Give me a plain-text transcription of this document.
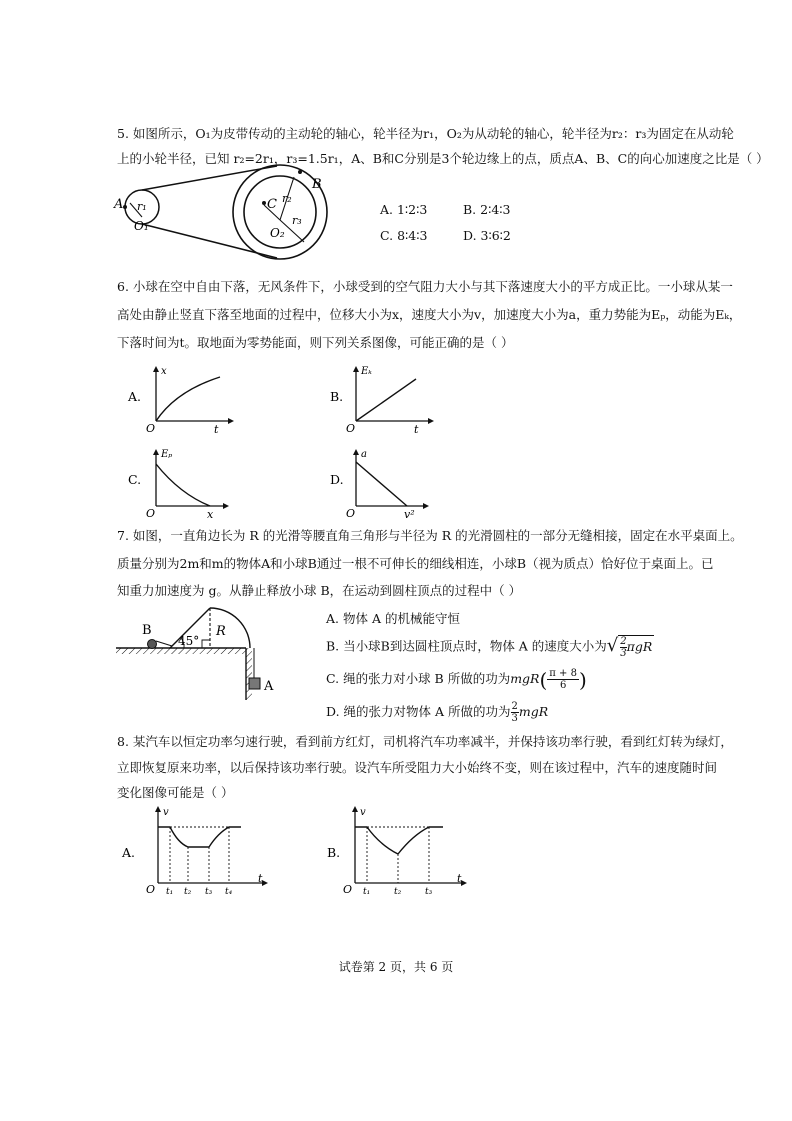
5. 如图所示，O₁为皮带传动的主动轮的轴心，轮半径为r₁，O₂为从动轮的轴心，轮半径为r₂：r₃为固定在从动轮
上的小轮半径，已知 r₂=2r₁，r₃=1.5r₁，A、B和C分别是3个轮边缘上的点，质点A、B、C的向心加速度之比是（ ）
A r₁
O₁
B
C r₂
r₃
O₂
A. 1∶2∶3	B. 2∶4∶3
C. 8∶4∶3	D. 3∶6∶2
6. 小球在空中自由下落，无风条件下，小球受到的空气阻力大小与其下落速度大小的平方成正比。一小球从某一
高处由静止竖直下落至地面的过程中，位移大小为x，速度大小为v，加速度大小为a，重力势能为Eₚ，动能为Eₖ，
下落时间为t。取地面为零势能面，则下列关系图像，可能正确的是（ ）
A.
x
t
O
B.
Eₖ
t
O
C.
Eₚ
x
O
D.
a
v²
O
7. 如图，一直角边长为 R 的光滑等腰直角三角形与半径为 R 的光滑圆柱的一部分无缝相接，固定在水平桌面上。
质量分别为2m和m的物体A和小球B通过一根不可伸长的细线相连，小球B（视为质点）恰好位于桌面上。已
知重力加速度为 g。从静止释放小球 B，在运动到圆柱顶点的过程中（ ）
B
45°
R
A
A. 物体 A 的机械能守恒
B. 当小球B到达圆柱顶点时，物体 A 的速度大小为√ $\frac{2}{3}$ πgR
C. 绳的张力对小球 B 所做的功为$mgR( \frac{\pi + 8}{6}$ )
D. 绳的张力对物体 A 所做的功为 $\frac{2}{3}$ mgR
8. 某汽车以恒定功率匀速行驶，看到前方红灯，司机将汽车功率减半，并保持该功率行驶，看到红灯转为绿灯，
立即恢复原来功率，以后保持该功率行驶。设汽车所受阻力大小始终不变，则在该过程中，汽车的速度随时间
变化图像可能是（ ）
A.
v
t
O t₁ t₂ t₃ t₄
B.
v
t
O t₁	t₂	t₃
试卷第 2 页，共 6 页
